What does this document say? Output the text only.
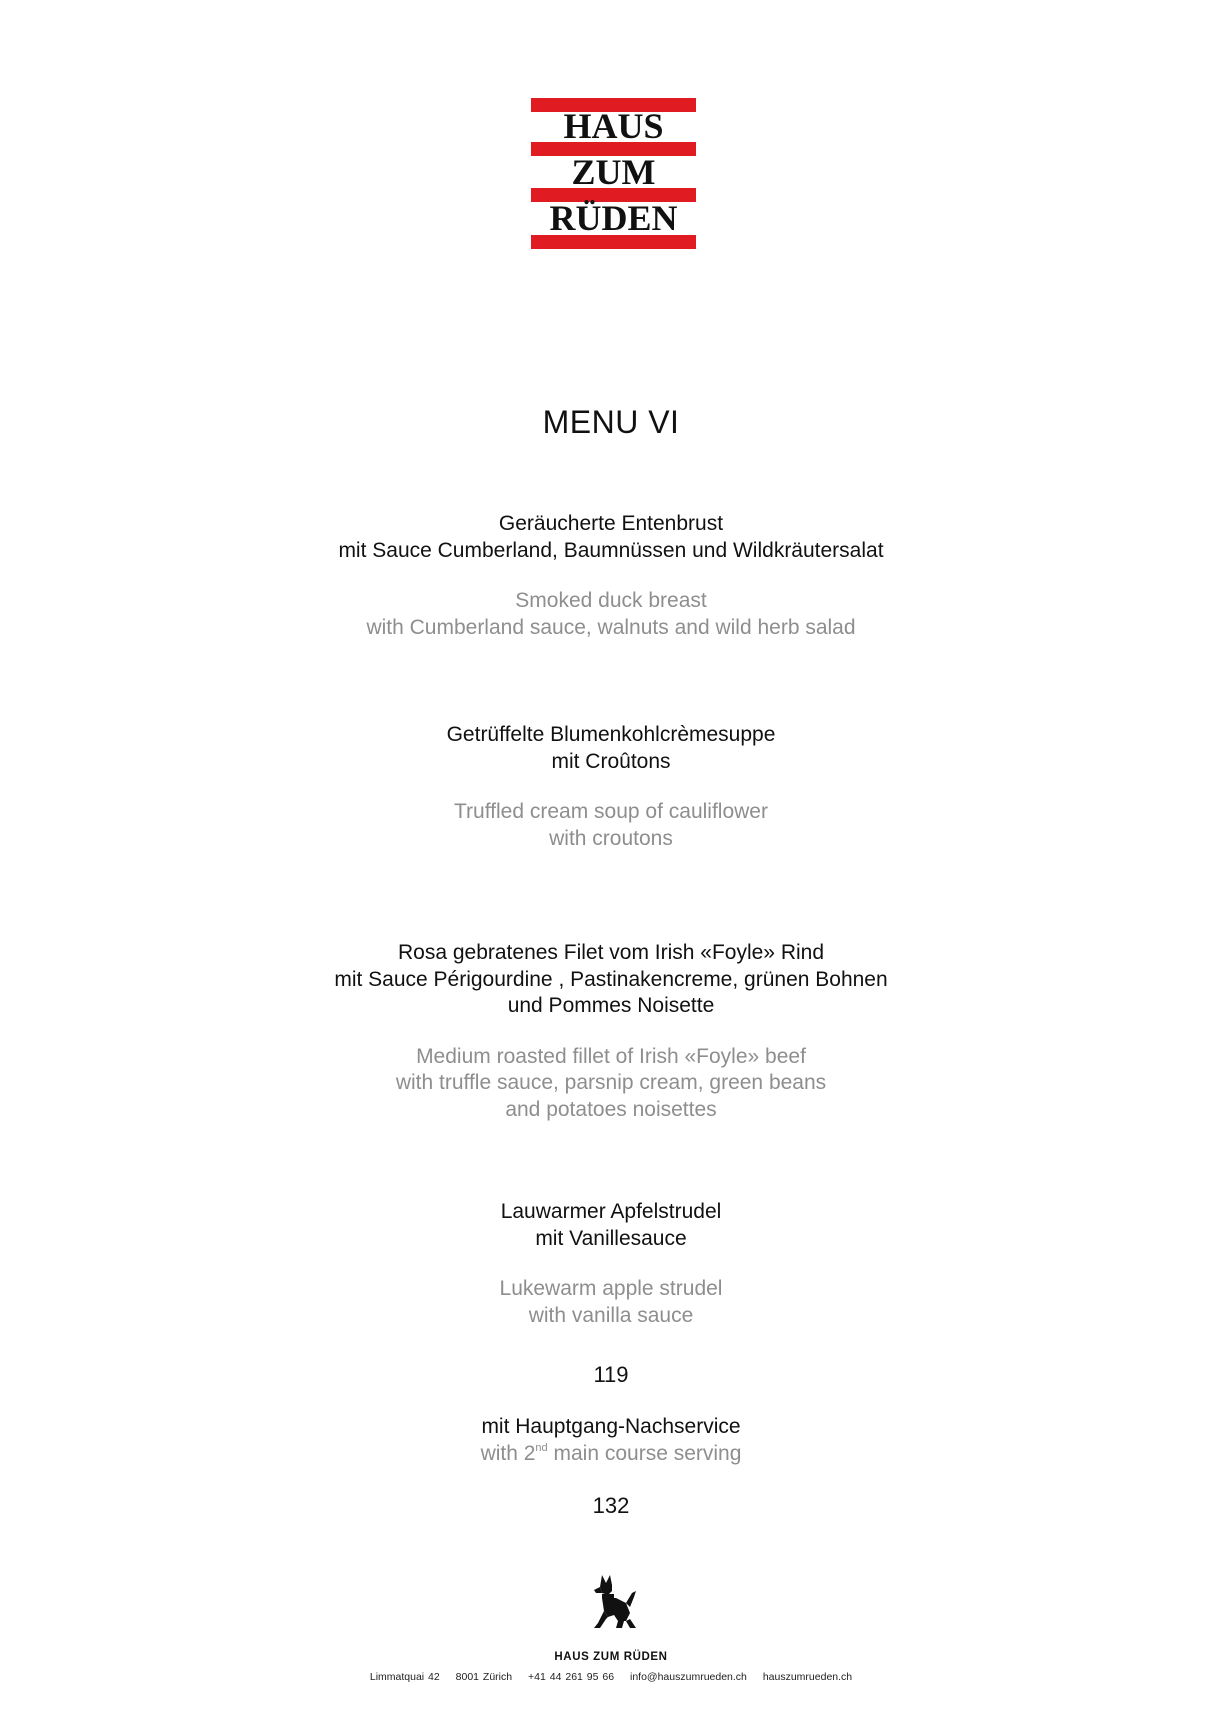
HAUS
ZUM
RÜDEN
MENU VI
Geräucherte Entenbrust
mit Sauce Cumberland, Baumnüssen und Wildkräutersalat
Smoked duck breast
with Cumberland sauce, walnuts and wild herb salad
Getrüffelte Blumenkohlcrèmesuppe
mit Croûtons
Truffled cream soup of cauliflower
with croutons
Rosa gebratenes Filet vom Irish «Foyle» Rind
mit Sauce Périgourdine , Pastinakencreme, grünen Bohnen
und Pommes Noisette
Medium roasted fillet of Irish «Foyle» beef
with truffle sauce, parsnip cream, green beans
and potatoes noisettes
Lauwarmer Apfelstrudel
mit Vanillesauce
Lukewarm apple strudel
with vanilla sauce
119
mit Hauptgang-Nachservice
with 2nd main course serving
132
HAUS ZUM RÜDEN
Limmatquai 42 8001 Zürich +41 44 261 95 66 info@hauszumrueden.ch hauszumrueden.ch
